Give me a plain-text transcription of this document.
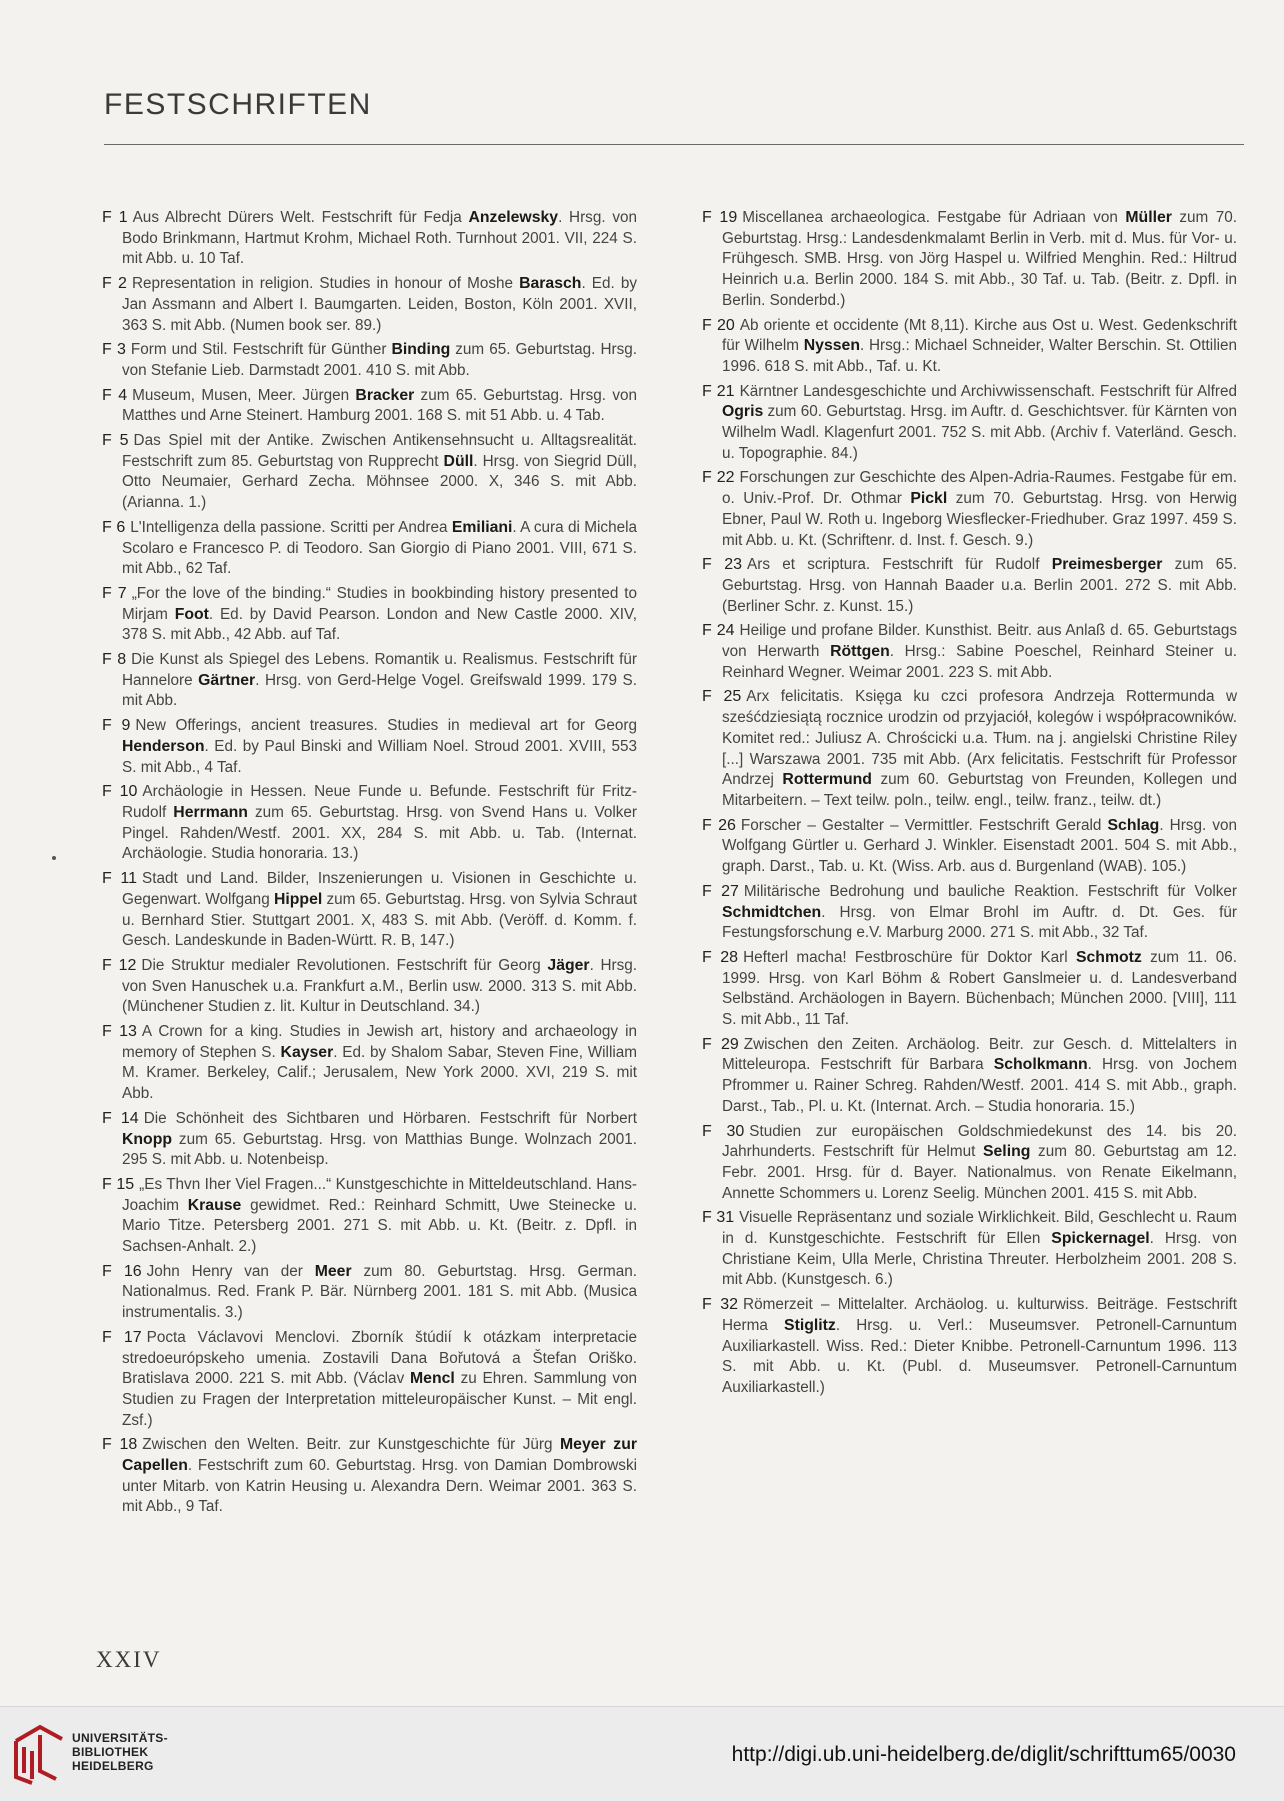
FESTSCHRIFTEN

F 1 Aus Albrecht Dürers Welt. Festschrift für Fedja Anzelewsky. Hrsg. von Bodo Brinkmann, Hartmut Krohm, Michael Roth. Turnhout 2001. VII, 224 S. mit Abb. u. 10 Taf.

F 2 Representation in religion. Studies in honour of Moshe Barasch. Ed. by Jan Assmann and Albert I. Baumgarten. Leiden, Boston, Köln 2001. XVII, 363 S. mit Abb. (Numen book ser. 89.)

F 3 Form und Stil. Festschrift für Günther Binding zum 65. Geburtstag. Hrsg. von Stefanie Lieb. Darmstadt 2001. 410 S. mit Abb.

F 4 Museum, Musen, Meer. Jürgen Bracker zum 65. Geburtstag. Hrsg. von Matthes und Arne Steinert. Hamburg 2001. 168 S. mit 51 Abb. u. 4 Tab.

F 5 Das Spiel mit der Antike. Zwischen Antikensehnsucht u. Alltagsrealität. Festschrift zum 85. Geburtstag von Rupprecht Düll. Hrsg. von Siegrid Düll, Otto Neumaier, Gerhard Zecha. Möhnsee 2000. X, 346 S. mit Abb. (Arianna. 1.)

F 6 L'Intelligenza della passione. Scritti per Andrea Emiliani. A cura di Michela Scolaro e Francesco P. di Teodoro. San Giorgio di Piano 2001. VIII, 671 S. mit Abb., 62 Taf.

F 7 „For the love of the binding.“ Studies in bookbinding history presented to Mirjam Foot. Ed. by David Pearson. London and New Castle 2000. XIV, 378 S. mit Abb., 42 Abb. auf Taf.

F 8 Die Kunst als Spiegel des Lebens. Romantik u. Realismus. Festschrift für Hannelore Gärtner. Hrsg. von Gerd-Helge Vogel. Greifswald 1999. 179 S. mit Abb.

F 9 New Offerings, ancient treasures. Studies in medieval art for Georg Henderson. Ed. by Paul Binski and William Noel. Stroud 2001. XVIII, 553 S. mit Abb., 4 Taf.

F 10 Archäologie in Hessen. Neue Funde u. Befunde. Festschrift für Fritz-Rudolf Herrmann zum 65. Geburtstag. Hrsg. von Svend Hans u. Volker Pingel. Rahden/Westf. 2001. XX, 284 S. mit Abb. u. Tab. (Internat. Archäologie. Studia honoraria. 13.)

F 11 Stadt und Land. Bilder, Inszenierungen u. Visionen in Geschichte u. Gegenwart. Wolfgang Hippel zum 65. Geburtstag. Hrsg. von Sylvia Schraut u. Bernhard Stier. Stuttgart 2001. X, 483 S. mit Abb. (Veröff. d. Komm. f. Gesch. Landeskunde in Baden-Württ. R. B, 147.)

F 12 Die Struktur medialer Revolutionen. Festschrift für Georg Jäger. Hrsg. von Sven Hanuschek u.a. Frankfurt a.M., Berlin usw. 2000. 313 S. mit Abb. (Münchener Studien z. lit. Kultur in Deutschland. 34.)

F 13 A Crown for a king. Studies in Jewish art, history and archaeology in memory of Stephen S. Kayser. Ed. by Shalom Sabar, Steven Fine, William M. Kramer. Berkeley, Calif.; Jerusalem, New York 2000. XVI, 219 S. mit Abb.

F 14 Die Schönheit des Sichtbaren und Hörbaren. Festschrift für Norbert Knopp zum 65. Geburtstag. Hrsg. von Matthias Bunge. Wolnzach 2001. 295 S. mit Abb. u. Notenbeisp.

F 15 „Es Thvn Iher Viel Fragen...“ Kunstgeschichte in Mitteldeutschland. Hans-Joachim Krause gewidmet. Red.: Reinhard Schmitt, Uwe Steinecke u. Mario Titze. Petersberg 2001. 271 S. mit Abb. u. Kt. (Beitr. z. Dpfl. in Sachsen-Anhalt. 2.)

F 16 John Henry van der Meer zum 80. Geburtstag. Hrsg. German. Nationalmus. Red. Frank P. Bär. Nürnberg 2001. 181 S. mit Abb. (Musica instrumentalis. 3.)

F 17 Pocta Václavovi Menclovi. Zborník štúdií k otázkam interpretacie stredoeurópskeho umenia. Zostavili Dana Bořutová a Štefan Oriško. Bratislava 2000. 221 S. mit Abb. (Václav Mencl zu Ehren. Sammlung von Studien zu Fragen der Interpretation mitteleuropäischer Kunst. – Mit engl. Zsf.)

F 18 Zwischen den Welten. Beitr. zur Kunstgeschichte für Jürg Meyer zur Capellen. Festschrift zum 60. Geburtstag. Hrsg. von Damian Dombrowski unter Mitarb. von Katrin Heusing u. Alexandra Dern. Weimar 2001. 363 S. mit Abb., 9 Taf.

F 19 Miscellanea archaeologica. Festgabe für Adriaan von Müller zum 70. Geburtstag. Hrsg.: Landesdenkmalamt Berlin in Verb. mit d. Mus. für Vor- u. Frühgesch. SMB. Hrsg. von Jörg Haspel u. Wilfried Menghin. Red.: Hiltrud Heinrich u.a. Berlin 2000. 184 S. mit Abb., 30 Taf. u. Tab. (Beitr. z. Dpfl. in Berlin. Sonderbd.)

F 20 Ab oriente et occidente (Mt 8,11). Kirche aus Ost u. West. Gedenkschrift für Wilhelm Nyssen. Hrsg.: Michael Schneider, Walter Berschin. St. Ottilien 1996. 618 S. mit Abb., Taf. u. Kt.

F 21 Kärntner Landesgeschichte und Archivwissenschaft. Festschrift für Alfred Ogris zum 60. Geburtstag. Hrsg. im Auftr. d. Geschichtsver. für Kärnten von Wilhelm Wadl. Klagenfurt 2001. 752 S. mit Abb. (Archiv f. Vaterländ. Gesch. u. Topographie. 84.)

F 22 Forschungen zur Geschichte des Alpen-Adria-Raumes. Festgabe für em. o. Univ.-Prof. Dr. Othmar Pickl zum 70. Geburtstag. Hrsg. von Herwig Ebner, Paul W. Roth u. Ingeborg Wiesflecker-Friedhuber. Graz 1997. 459 S. mit Abb. u. Kt. (Schriftenr. d. Inst. f. Gesch. 9.)

F 23 Ars et scriptura. Festschrift für Rudolf Preimesberger zum 65. Geburtstag. Hrsg. von Hannah Baader u.a. Berlin 2001. 272 S. mit Abb. (Berliner Schr. z. Kunst. 15.)

F 24 Heilige und profane Bilder. Kunsthist. Beitr. aus Anlaß d. 65. Geburtstags von Herwarth Röttgen. Hrsg.: Sabine Poeschel, Reinhard Steiner u. Reinhard Wegner. Weimar 2001. 223 S. mit Abb.

F 25 Arx felicitatis. Księga ku czci profesora Andrzeja Rottermunda w sześćdziesiątą rocznice urodzin od przyjaciół, kolegów i współpracowników. Komitet red.: Juliusz A. Chrościcki u.a. Tłum. na j. angielski Christine Riley [...] Warszawa 2001. 735 mit Abb. (Arx felicitatis. Festschrift für Professor Andrzej Rottermund zum 60. Geburtstag von Freunden, Kollegen und Mitarbeitern. – Text teilw. poln., teilw. engl., teilw. franz., teilw. dt.)

F 26 Forscher – Gestalter – Vermittler. Festschrift Gerald Schlag. Hrsg. von Wolfgang Gürtler u. Gerhard J. Winkler. Eisenstadt 2001. 504 S. mit Abb., graph. Darst., Tab. u. Kt. (Wiss. Arb. aus d. Burgenland (WAB). 105.)

F 27 Militärische Bedrohung und bauliche Reaktion. Festschrift für Volker Schmidtchen. Hrsg. von Elmar Brohl im Auftr. d. Dt. Ges. für Festungsforschung e.V. Marburg 2000. 271 S. mit Abb., 32 Taf.

F 28 Hefterl macha! Festbroschüre für Doktor Karl Schmotz zum 11. 06. 1999. Hrsg. von Karl Böhm & Robert Ganslmeier u. d. Landesverband Selbständ. Archäologen in Bayern. Büchenbach; München 2000. [VIII], 111 S. mit Abb., 11 Taf.

F 29 Zwischen den Zeiten. Archäolog. Beitr. zur Gesch. d. Mittelalters in Mitteleuropa. Festschrift für Barbara Scholkmann. Hrsg. von Jochem Pfrommer u. Rainer Schreg. Rahden/Westf. 2001. 414 S. mit Abb., graph. Darst., Tab., Pl. u. Kt. (Internat. Arch. – Studia honoraria. 15.)

F 30 Studien zur europäischen Goldschmiedekunst des 14. bis 20. Jahrhunderts. Festschrift für Helmut Seling zum 80. Geburtstag am 12. Febr. 2001. Hrsg. für d. Bayer. Nationalmus. von Renate Eikelmann, Annette Schommers u. Lorenz Seelig. München 2001. 415 S. mit Abb.

F 31 Visuelle Repräsentanz und soziale Wirklichkeit. Bild, Geschlecht u. Raum in d. Kunstgeschichte. Festschrift für Ellen Spickernagel. Hrsg. von Christiane Keim, Ulla Merle, Christina Threuter. Herbolzheim 2001. 208 S. mit Abb. (Kunstgesch. 6.)

F 32 Römerzeit – Mittelalter. Archäolog. u. kulturwiss. Beiträge. Festschrift Herma Stiglitz. Hrsg. u. Verl.: Museumsver. Petronell-Carnuntum Auxiliarkastell. Wiss. Red.: Dieter Knibbe. Petronell-Carnuntum 1996. 113 S. mit Abb. u. Kt. (Publ. d. Museumsver. Petronell-Carnuntum Auxiliarkastell.)

XXIV
UNIVERSITÄTS-
BIBLIOTHEK
HEIDELBERG	http://digi.ub.uni-heidelberg.de/diglit/schrifttum65/0030
